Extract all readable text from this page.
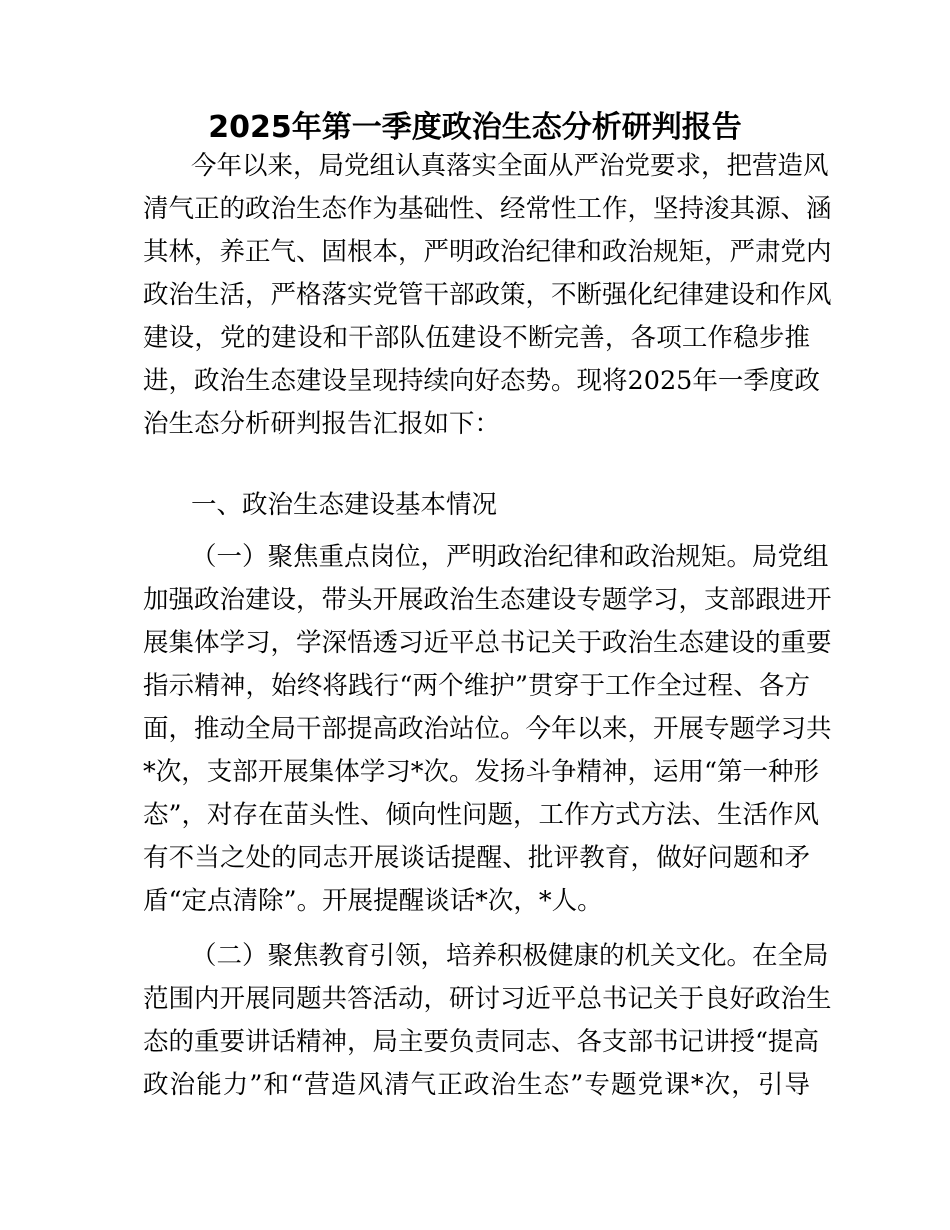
2025年第一季度政治生态分析研判报告
今年以来，局党组认真落实全面从严治党要求，把营造风
清气正的政治生态作为基础性、经常性工作，坚持浚其源、涵
其林，养正气、固根本，严明政治纪律和政治规矩，严肃党内
政治生活，严格落实党管干部政策，不断强化纪律建设和作风
建设，党的建设和干部队伍建设不断完善，各项工作稳步推
进，政治生态建设呈现持续向好态势。现将2025年一季度政
治生态分析研判报告汇报如下：
一、政治生态建设基本情况
（一）聚焦重点岗位，严明政治纪律和政治规矩。局党组
加强政治建设，带头开展政治生态建设专题学习，支部跟进开
展集体学习，学深悟透习近平总书记关于政治生态建设的重要
指示精神，始终将践行“两个维护”贯穿于工作全过程、各方
面，推动全局干部提高政治站位。今年以来，开展专题学习共
*次，支部开展集体学习*次。发扬斗争精神，运用“第一种形
态”，对存在苗头性、倾向性问题，工作方式方法、生活作风
有不当之处的同志开展谈话提醒、批评教育，做好问题和矛
盾“定点清除”。开展提醒谈话*次，*人。
（二）聚焦教育引领，培养积极健康的机关文化。在全局
范围内开展同题共答活动，研讨习近平总书记关于良好政治生
态的重要讲话精神，局主要负责同志、各支部书记讲授“提高
政治能力”和“营造风清气正政治生态”专题党课*次，引导
